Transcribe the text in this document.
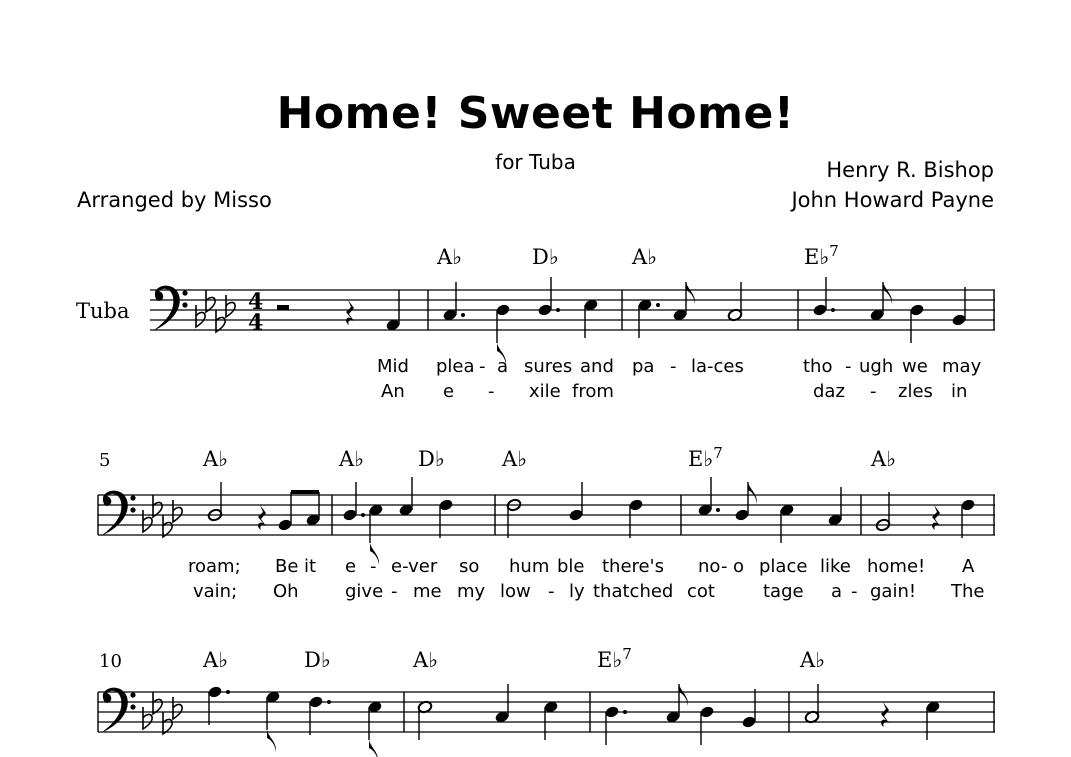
Home! Sweet Home!
for Tuba	Henry R. Bishop
John Howard Payne
Arranged by Misso
Tuba	4
4
A♭	D♭	A♭	E♭$^7$
Mid plea - a sures and pa - la-ces	tho - ugh we may
An e - xile from	daz - zles in
5	A♭	A♭	D♭	A♭	E♭$^7$	A♭
roam; Be it e - e-ver so hum ble there's no - o place like home! A
vain; Oh	give - me my low - ly thatched cot	tage a - gain! The
10	A♭	D♭	A♭	E♭$^7$	A♭
